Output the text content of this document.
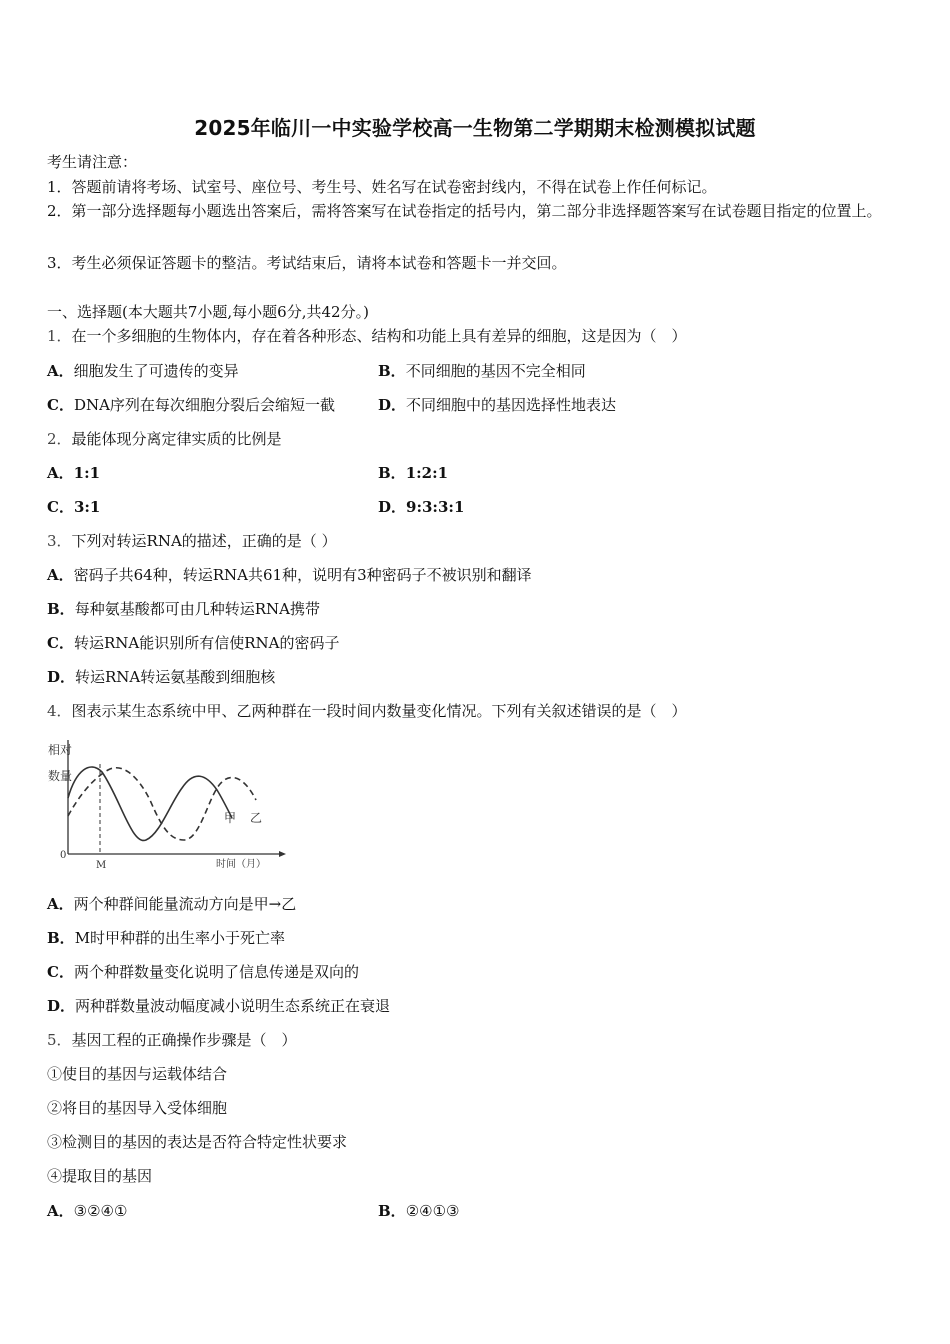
2025年临川一中实验学校高一生物第二学期期末检测模拟试题
考生请注意：
1．答题前请将考场、试室号、座位号、考生号、姓名写在试卷密封线内，不得在试卷上作任何标记。
2．第一部分选择题每小题选出答案后，需将答案写在试卷指定的括号内，第二部分非选择题答案写在试卷题目指定的位置上。
3．考生必须保证答题卡的整洁。考试结束后，请将本试卷和答题卡一并交回。
一、选择题(本大题共7小题,每小题6分,共42分。)
1．在一个多细胞的生物体内，存在着各种形态、结构和功能上具有差异的细胞，这是因为（　）
A．细胞发生了可遗传的变异	B．不同细胞的基因不完全相同
C．DNA序列在每次细胞分裂后会缩短一截	D．不同细胞中的基因选择性地表达
2．最能体现分离定律实质的比例是
A．1:1	B．1:2:1
C．3:1	D．9:3:3:1
3．下列对转运RNA的描述，正确的是（ ）
A．密码子共64种，转运RNA共61种，说明有3种密码子不被识别和翻译
B．每种氨基酸都可由几种转运RNA携带
C．转运RNA能识别所有信使RNA的密码子
D．转运RNA转运氨基酸到细胞核
4．图表示某生态系统中甲、乙两种群在一段时间内数量变化情况。下列有关叙述错误的是（　）
相对
数量
0
M	时间（月）
甲 乙
A．两个种群间能量流动方向是甲→乙
B．M时甲种群的出生率小于死亡率
C．两个种群数量变化说明了信息传递是双向的
D．两种群数量波动幅度减小说明生态系统正在衰退
5．基因工程的正确操作步骤是（　）
①使目的基因与运载体结合
②将目的基因导入受体细胞
③检测目的基因的表达是否符合特定性状要求
④提取目的基因
A．③②④①	B．②④①③
